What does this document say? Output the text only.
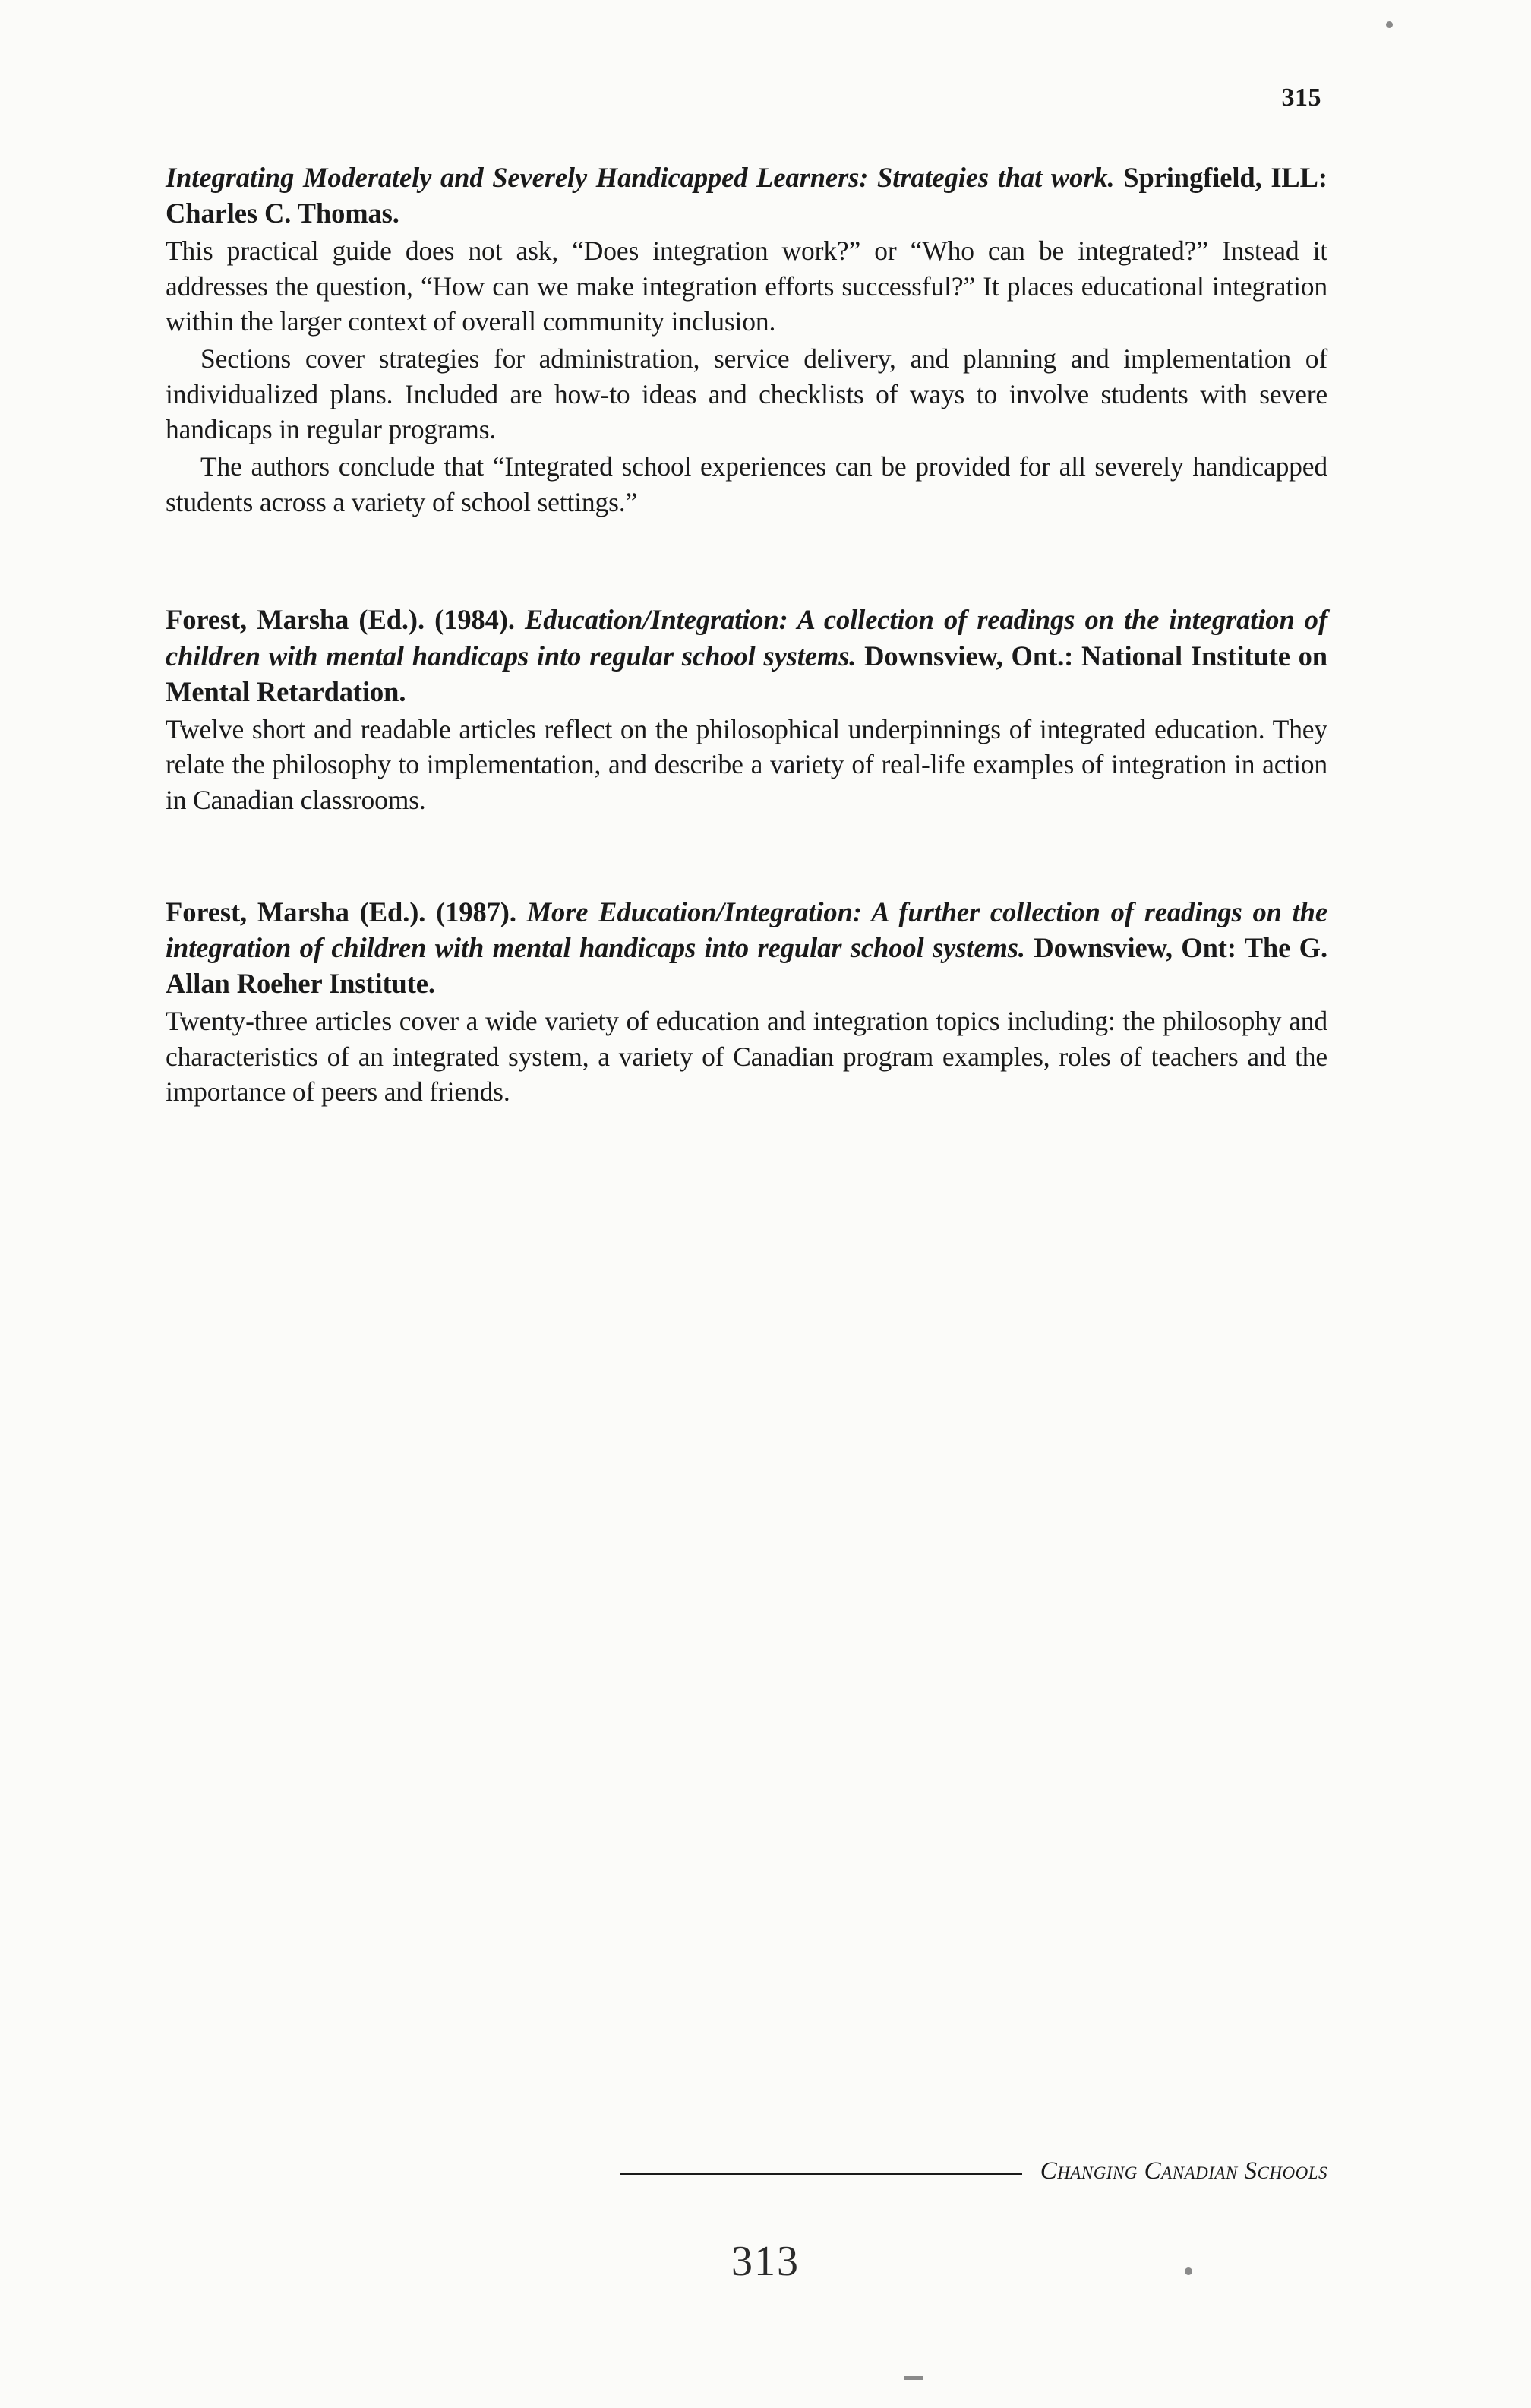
315
Integrating Moderately and Severely Handicapped Learners: Strategies that work. Springfield, ILL: Charles C. Thomas.
This practical guide does not ask, “Does integration work?” or “Who can be integrated?” Instead it addresses the question, “How can we make integration efforts successful?” It places educational integration within the larger context of overall community inclusion.
Sections cover strategies for administration, service delivery, and planning and implementation of individualized plans. Included are how-to ideas and checklists of ways to involve students with severe handicaps in regular programs.
The authors conclude that “Integrated school experiences can be provided for all severely handicapped students across a variety of school settings.”
Forest, Marsha (Ed.). (1984). Education/Integration: A collection of readings on the integration of children with mental handicaps into regular school systems. Downsview, Ont.: National Institute on Mental Retardation.
Twelve short and readable articles reflect on the philosophical underpinnings of integrated education. They relate the philosophy to implementation, and describe a variety of real-life examples of integration in action in Canadian classrooms.
Forest, Marsha (Ed.). (1987). More Education/Integration: A further collection of readings on the integration of children with mental handicaps into regular school systems. Downsview, Ont: The G. Allan Roeher Institute.
Twenty-three articles cover a wide variety of education and integration topics including: the philosophy and characteristics of an integrated system, a variety of Canadian program examples, roles of teachers and the importance of peers and friends.
Changing Canadian Schools
313
